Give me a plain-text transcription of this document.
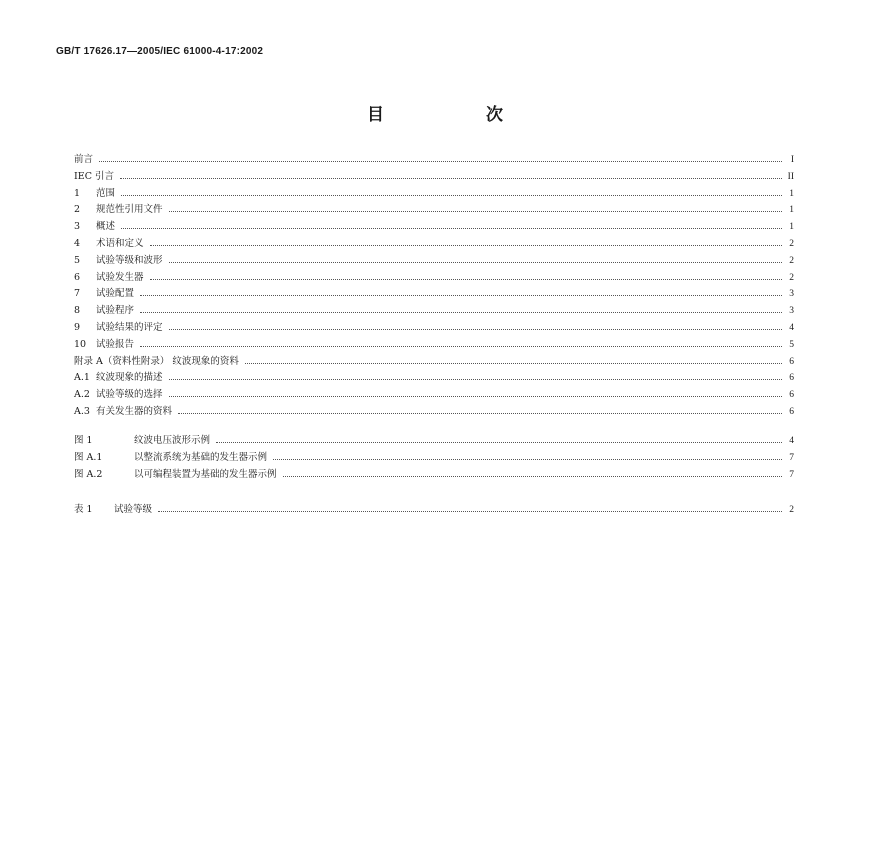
GB/T 17626.17—2005/IEC 61000-4-17:2002
目 次
前言	I
IEC 引言	II
1 范围	1
2 规范性引用文件	1
3 概述	1
4 术语和定义	2
5 试验等级和波形	2
6 试验发生器	2
7 试验配置	3
8 试验程序	3
9 试验结果的评定	4
10 试验报告	5
附录 A（资料性附录） 纹波现象的资料	6
A.1 纹波现象的描述	6
A.2 试验等级的选择	6
A.3 有关发生器的资料	6
图 1	纹波电压波形示例	4
图 A.1	以整流系统为基础的发生器示例	7
图 A.2	以可编程装置为基础的发生器示例	7
表 1 试验等级	2
